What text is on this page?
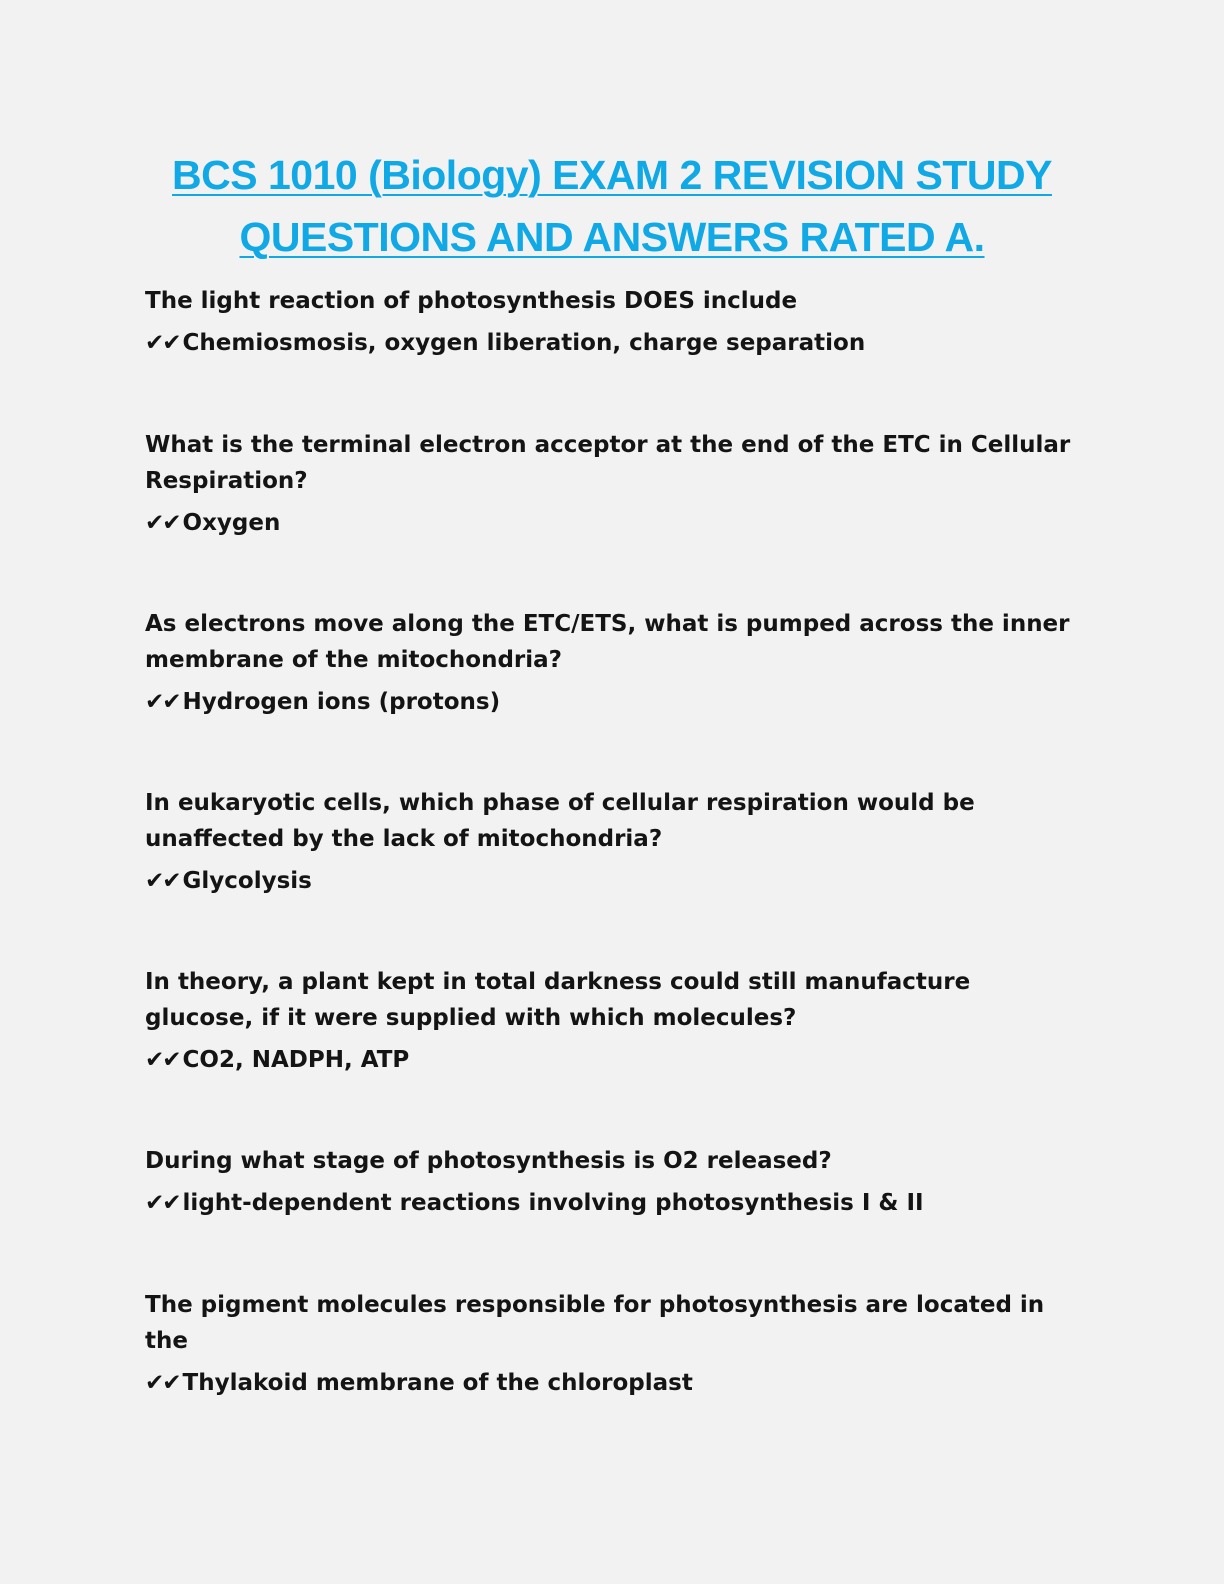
BCS 1010 (Biology) EXAM 2 REVISION STUDY
QUESTIONS AND ANSWERS RATED A.

The light reaction of photosynthesis DOES include

✔✔ Chemiosmosis, oxygen liberation, charge separation

What is the terminal electron acceptor at the end of the ETC in Cellular Respiration?

✔✔ Oxygen

As electrons move along the ETC/ETS, what is pumped across the inner membrane of the mitochondria?

✔✔ Hydrogen ions (protons)

In eukaryotic cells, which phase of cellular respiration would be unaffected by the lack of mitochondria?

✔✔ Glycolysis

In theory, a plant kept in total darkness could still manufacture glucose, if it were supplied with which molecules?

✔✔ CO2, NADPH, ATP

During what stage of photosynthesis is O2 released?

✔✔ light-dependent reactions involving photosynthesis I & II

The pigment molecules responsible for photosynthesis are located in the

✔✔ Thylakoid membrane of the chloroplast
